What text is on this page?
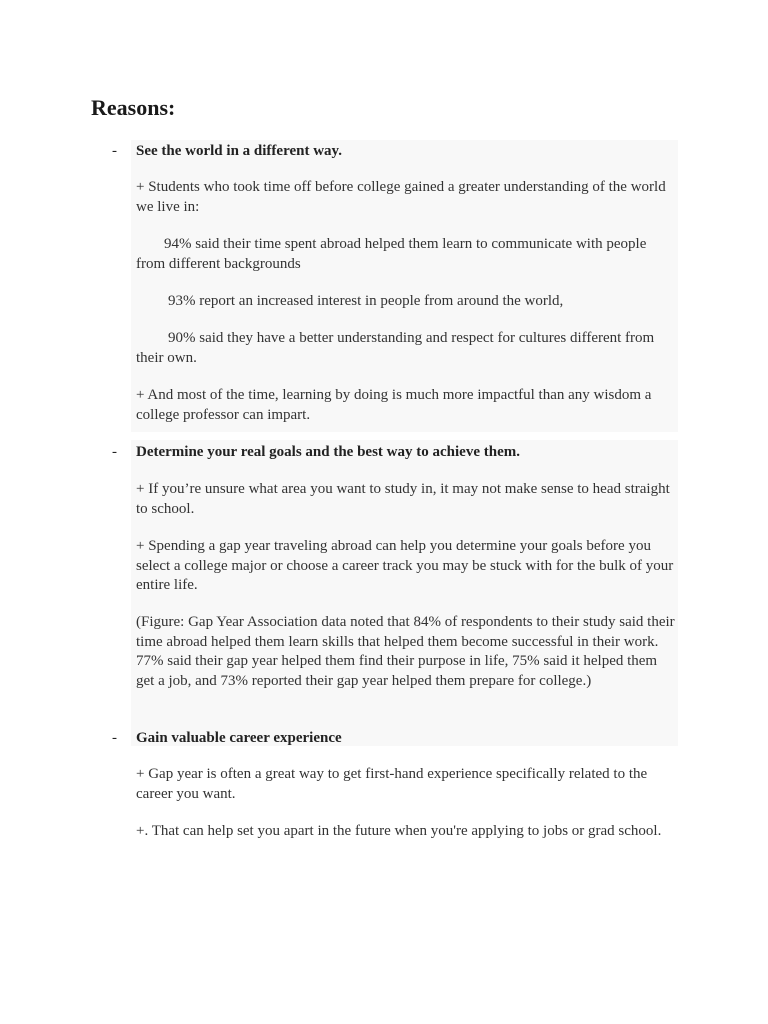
Reasons:
- See the world in a different way.

+ Students who took time off before college gained a greater understanding of the world we live in:

94% said their time spent abroad helped them learn to communicate with people from different backgrounds

93% report an increased interest in people from around the world,

90% said they have a better understanding and respect for cultures different from their own.

+ And most of the time, learning by doing is much more impactful than any wisdom a college professor can impart.

- Determine your real goals and the best way to achieve them.

+ If you’re unsure what area you want to study in, it may not make sense to head straight to school.

+ Spending a gap year traveling abroad can help you determine your goals before you select a college major or choose a career track you may be stuck with for the bulk of your entire life.

(Figure: Gap Year Association data noted that 84% of respondents to their study said their time abroad helped them learn skills that helped them become successful in their work. 77% said their gap year helped them find their purpose in life, 75% said it helped them get a job, and 73% reported their gap year helped them prepare for college.)

- Gain valuable career experience

+ Gap year is often a great way to get first-hand experience specifically related to the career you want.

+. That can help set you apart in the future when you're applying to jobs or grad school.
